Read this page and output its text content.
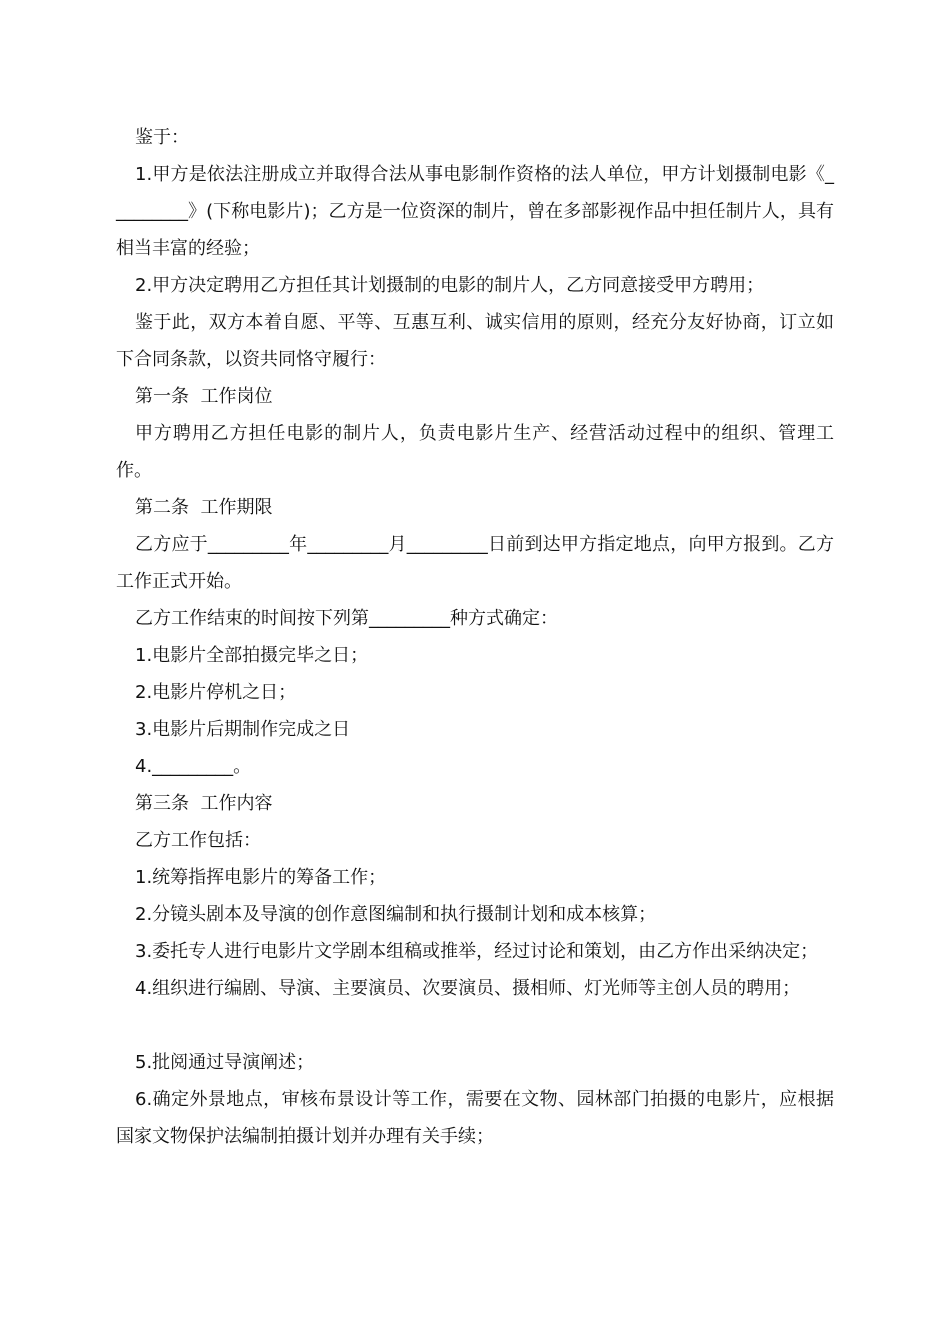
鉴于：

1.甲方是依法注册成立并取得合法从事电影制作资格的法人单位，甲方计划摄制电影《_________》(下称电影片)；乙方是一位资深的制片，曾在多部影视作品中担任制片人，具有相当丰富的经验；

2.甲方决定聘用乙方担任其计划摄制的电影的制片人，乙方同意接受甲方聘用；

鉴于此，双方本着自愿、平等、互惠互利、诚实信用的原则，经充分友好协商，订立如下合同条款，以资共同恪守履行：

第一条  工作岗位

甲方聘用乙方担任电影的制片人，负责电影片生产、经营活动过程中的组织、管理工作。

第二条  工作期限

乙方应于_________年_________月_________日前到达甲方指定地点，向甲方报到。乙方工作正式开始。

乙方工作结束的时间按下列第_________种方式确定：

1.电影片全部拍摄完毕之日；

2.电影片停机之日；

3.电影片后期制作完成之日

4._________。

第三条  工作内容

乙方工作包括：

1.统筹指挥电影片的筹备工作；

2.分镜头剧本及导演的创作意图编制和执行摄制计划和成本核算；

3.委托专人进行电影片文学剧本组稿或推举，经过讨论和策划，由乙方作出采纳决定；

4.组织进行编剧、导演、主要演员、次要演员、摄相师、灯光师等主创人员的聘用；

5.批阅通过导演阐述；

6.确定外景地点，审核布景设计等工作，需要在文物、园林部门拍摄的电影片，应根据国家文物保护法编制拍摄计划并办理有关手续；
